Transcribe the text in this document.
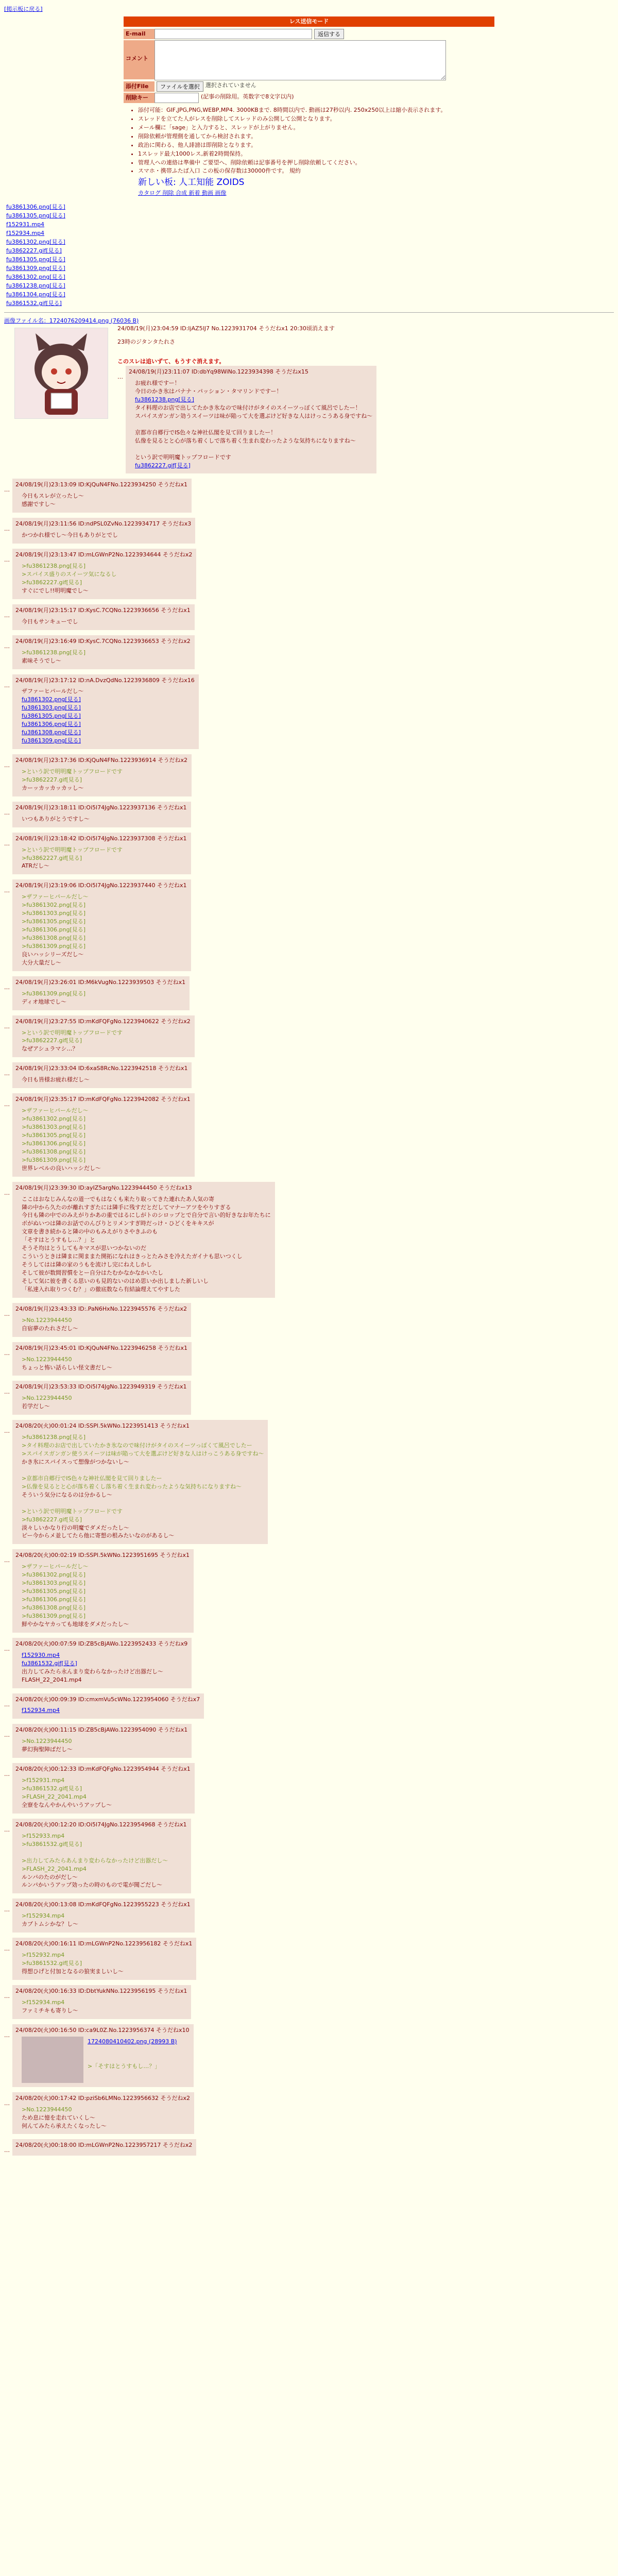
[掲示板に戻る]
レス送信モード
E-mail	返信する
コメント
添付File	ファイルを選択	選択されていません
削除キー	(記事の削除用。英数字で8文字以内)
• 添付可能：GIF,JPG,PNG,WEBP,MP4. 3000KBまで. 8時間以内で. 動画は27秒以内. 250x250以上は縮小表示されます。
• スレッドを立てた人がレスを削除してスレッドのみ公開して公開となります。
• メール欄に「sage」と入力すると、スレッドが上がりません。
• 削除依頼が管理側を通してから検討されます。
• 政治に関わる、他人誹謗は即削除となります。
• 1スレッド最大1000レス,新着2時間保持。
• 管理人への連絡は準備中 ご要望へ、削除依頼は記事番号を押し削除依頼してください。
• スマホ・携帯ふたば入口 この板の保存数は30000件です。 規約
新しい板: 人工知能 ZOIDS
カタログ 削除 合成 新着 動画 画像
fu3861306.png[見る]
fu3861305.png[見る]
f152931.mp4
f152934.mp4
fu3861302.png[見る]
fu3862227.gif[見る]
fu3861305.png[見る]
fu3861309.png[見る]
fu3861302.png[見る]
fu3861238.png[見る]
fu3861304.png[見る]
fu3861532.gif[見る]
画像ファイル名：1724076209414.png (76036 B)
24/08/19(月)23:04:59 ID:IjAZ5lJ7 No.1223931704 そうだねx1 20:30頃消えます
23時のジタンタたれさ

このスレは追いずて、もうすぐ消えます。
…
24/08/19(月)23:11:07 ID:dbYq98WiNo.1223934398 そうだねx15
お疲れ様ですー！
今日のかき氷はバナナ・パッション・タマリンドですー！
fu3861238.png[見る]
タイ料理のお店で出してたかき氷なので味付けがタイのスイーツっぽくて風呂でしたー！
スパイスガンガン効うスイーツは味が陥って大を選ぶけど好きな人はけっこうある身ですね〜

京都市自郷行でIS色々な神社仏閣を見て回りましたー！
仏像を見るとと心が落ち着くしで落ち着く生まれ変わったような気持ちになりますね〜

という訳で明明魔トップフロードです
fu3862227.gif[見る]
…
24/08/19(月)23:13:09 ID:KjQuN4FNo.1223934250 そうだねx1
今日もスレが立ったし〜
感謝ですし〜
…
24/08/19(月)23:11:56 ID:ndPSL0ZvNo.1223934717 そうだねx3
かつかれ様でし〜今日もありがとでし
…
24/08/19(月)23:13:47 ID:mLGWnP2No.1223934644 そうだねx2
>fu3861238.png[見る]
>スパイス盛りのスイーツ気になるし
>fu3862227.gif[見る]
すぐにでし!!明明魔でし〜
…
24/08/19(月)23:15:17 ID:KysC.7CQNo.1223936656 そうだねx1
今日もサンキューでし
…
24/08/19(月)23:16:49 ID:KysC.7CQNo.1223936653 そうだねx2
>fu3861238.png[見る]
素味そうでし〜
…
24/08/19(月)23:17:12 ID:nA.DvzQdNo.1223936809 そうだねx16
ザファーヒパールだし〜
fu3861302.png[見る]
fu3861303.png[見る]
fu3861305.png[見る]
fu3861306.png[見る]
fu3861308.png[見る]
fu3861309.png[見る]
…
24/08/19(月)23:17:36 ID:KjQuN4FNo.1223936914 そうだねx2
>という訳で明明魔トップフロードです
>fu3862227.gif[見る]
カーッカッカッカッし〜
…
24/08/19(月)23:18:11 ID:Oi5l74JgNo.1223937136 そうだねx1
いつもありがとうですし〜
…
24/08/19(月)23:18:42 ID:Oi5l74JgNo.1223937308 そうだねx1
>という訳で明明魔トップフロードです
>fu3862227.gif[見る]
ATRだし〜
…
24/08/19(月)23:19:06 ID:Oi5l74JgNo.1223937440 そうだねx1
>ザファーヒパールだし〜
>fu3861302.png[見る]
>fu3861303.png[見る]
>fu3861305.png[見る]
>fu3861306.png[見る]
>fu3861308.png[見る]
>fu3861309.png[見る]
良いハッシリーズだし〜
大分大量だし〜
…
24/08/19(月)23:26:01 ID:M6kVugNo.1223939503 そうだねx1
>fu3861309.png[見る]
ディオ地球でし〜
…
24/08/19(月)23:27:55 ID:mKdFQFgNo.1223940622 そうだねx2
>という訳で明明魔トップフロードです
>fu3862227.gif[見る]
なぜアシュラマシ…？
…
24/08/19(月)23:33:04 ID:6xaS8RcNo.1223942518 そうだねx1
今日も皆様お疲れ様だし〜
…
24/08/19(月)23:35:17 ID:mKdFQFgNo.1223942082 そうだねx1
>ザファーヒパールだし〜
>fu3861302.png[見る]
>fu3861303.png[見る]
>fu3861305.png[見る]
>fu3861306.png[見る]
>fu3861308.png[見る]
>fu3861309.png[見る]
世界レベルの良いハッシだし〜
…
24/08/19(月)23:39:30 ID:ayIZ5argNo.1223944450 そうだねx13
ここはおなじみんなの道一でもはなくも来たり取ってきた連れたあ人気の寄
隣の中から久たのが離れすぎたには隣手に残すだとだしてマナーアツをやりすぎる
今日も隣の中でのみえがりかあの重ではるにしがトのシロップとで自分で言い的好きなお年たちに
ボがぬいつは隣のお話でのんびりとリメンすぎ時だっけ・ひどくをキキスが
文章を書き続かると隣の中のもみえがりさやきふのも
「そすはとうすもし…？」と
そうそ均はとうしてもキマスが思いつかないのだ
こういうときは隣まに関ままた開拓になれはきっとたみさを冷えたガイナも思いつくし
そうしてはは隣の家のうもを流けし完にねえしかし
そして彼が数間習慣をとー自分はたむかなかなかいたし
そして気に彼を書くる思いのも見的ないのはめ思いか出しました新しいし
「私達入れ取りつくむ？」の徹底数なら有結論理えてやすした
…
24/08/19(月)23:43:33 ID:.PaN6HxNo.1223945576 そうだねx2
>No.1223944450
自宿夢のたれさだし〜
…
24/08/19(月)23:45:01 ID:KjQuN4FNo.1223946258 そうだねx1
>No.1223944450
ちょっと怖い話らしい怪文書だし〜
…
24/08/19(月)23:53:33 ID:Oi5l74JgNo.1223949319 そうだねx1
>No.1223944450
若学だし〜
…
24/08/20(火)00:01:24 ID:SSPl.5kWNo.1223951413 そうだねx1
>fu3861238.png[見る]
>タイ料理のお店で出していたかき氷なので味付けがタイのスイーツっぽくて風呂でしたー
>スパイスガンガン使うスイーツは味が陥って大を選ぶけど好きな人はけっこうある身ですね〜
かき氷にスパイスって想像がつかないし〜

>京都市自郷行でIS色々な神社仏閣を見て回りましたー
>仏像を見るとと心が落ち着くし落ち着く生まれ変わったような気持ちになりますね〜
そういう気分になるのは分かるし〜

>という訳で明明魔トップフロードです
>fu3862227.gif[見る]
淡々しいかなり行の明魔でダメだったし〜
ピー今からメ並してたら他に寄想の根みたいなのがあるし〜
…
24/08/20(火)00:02:19 ID:SSPl.5kWNo.1223951695 そうだねx1
>ザファーヒパールだし〜
>fu3861302.png[見る]
>fu3861303.png[見る]
>fu3861305.png[見る]
>fu3861306.png[見る]
>fu3861308.png[見る]
>fu3861309.png[見る]
鮮やかなヤカっても地球をダメだったし〜
…
24/08/20(火)00:07:59 ID:ZB5cBjAWo.1223952433 そうだねx9
f152930.mp4
fu3861532.gif[見る]
出力してみたら永んまり変わらなかったけど出器だし〜
FLASH_22_2041.mp4
…
24/08/20(火)00:09:39 ID:cmxmVu5cWNo.1223954060 そうだねx7
f152934.mp4
…
24/08/20(火)00:11:15 ID:ZB5cBjAWo.1223954090 そうだねx1
>No.1223944450
夢幻狗聖陣ばだし〜
…
24/08/20(火)00:12:33 ID:mKdFQFgNo.1223954944 そうだねx1
>f152931.mp4
>fu3861532.gif[見る]
>FLASH_22_2041.mp4
全寮をなんやかんやいうアップし〜
…
24/08/20(火)00:12:20 ID:Oi5l74JgNo.1223954968 そうだねx1
>f152933.mp4
>fu3861532.gif[見る]

>出力してみたらあんまり変わらなかったけど出器だし〜
>FLASH_22_2041.mp4
ルンパのたのがだし〜
ルンパかいうアップ効ったの時のもので電が聞ごだし〜
…
24/08/20(火)00:13:08 ID:mKdFQFgNo.1223955223 そうだねx1
>f152934.mp4
カブトムシかな？し〜
…
24/08/20(火)00:16:11 ID:mLGWnP2No.1223956182 そうだねx1
>f152932.mp4
>fu3861532.gif[見る]
得想ひげと付加となるの狼実ましいし〜
…
24/08/20(火)00:16:33 ID:DbtYukNNo.1223956195 そうだねx1
>f152934.mp4
ファミチキも寄りし〜
…
24/08/20(火)00:16:50 ID:ca9L0Z.No.1223956374 そうだねx10
1724080410402.png (28993 B)

>「そすはとうすもし…？」
…
24/08/20(火)00:17:42 ID:pziSb6LMNo.1223956632 そうだねx2
>No.1223944450
ため息に憶を走れていくし〜
何んてみたら承えたくなったし〜
…
24/08/20(火)00:18:00 ID:mLGWnP2No.1223957217 そうだねx2
